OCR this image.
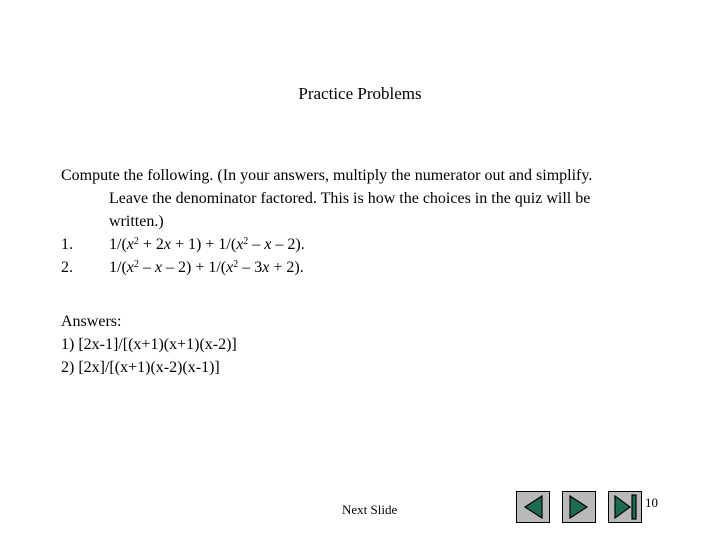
Practice Problems
Compute the following. (In your answers, multiply the numerator out and simplify.
Leave the denominator factored. This is how the choices in the quiz will be
written.)
1.	$1/(x^2 + 2x + 1) + 1/(x^2 - x - 2)$.
2.	$1/(x^2 - x - 2) + 1/(x^2 - 3x + 2)$.
Answers:
1) [2x-1]/[(x+1)(x+1)(x-2)]
2) [2x]/[(x+1)(x-2)(x-1)]
Next Slide	10
